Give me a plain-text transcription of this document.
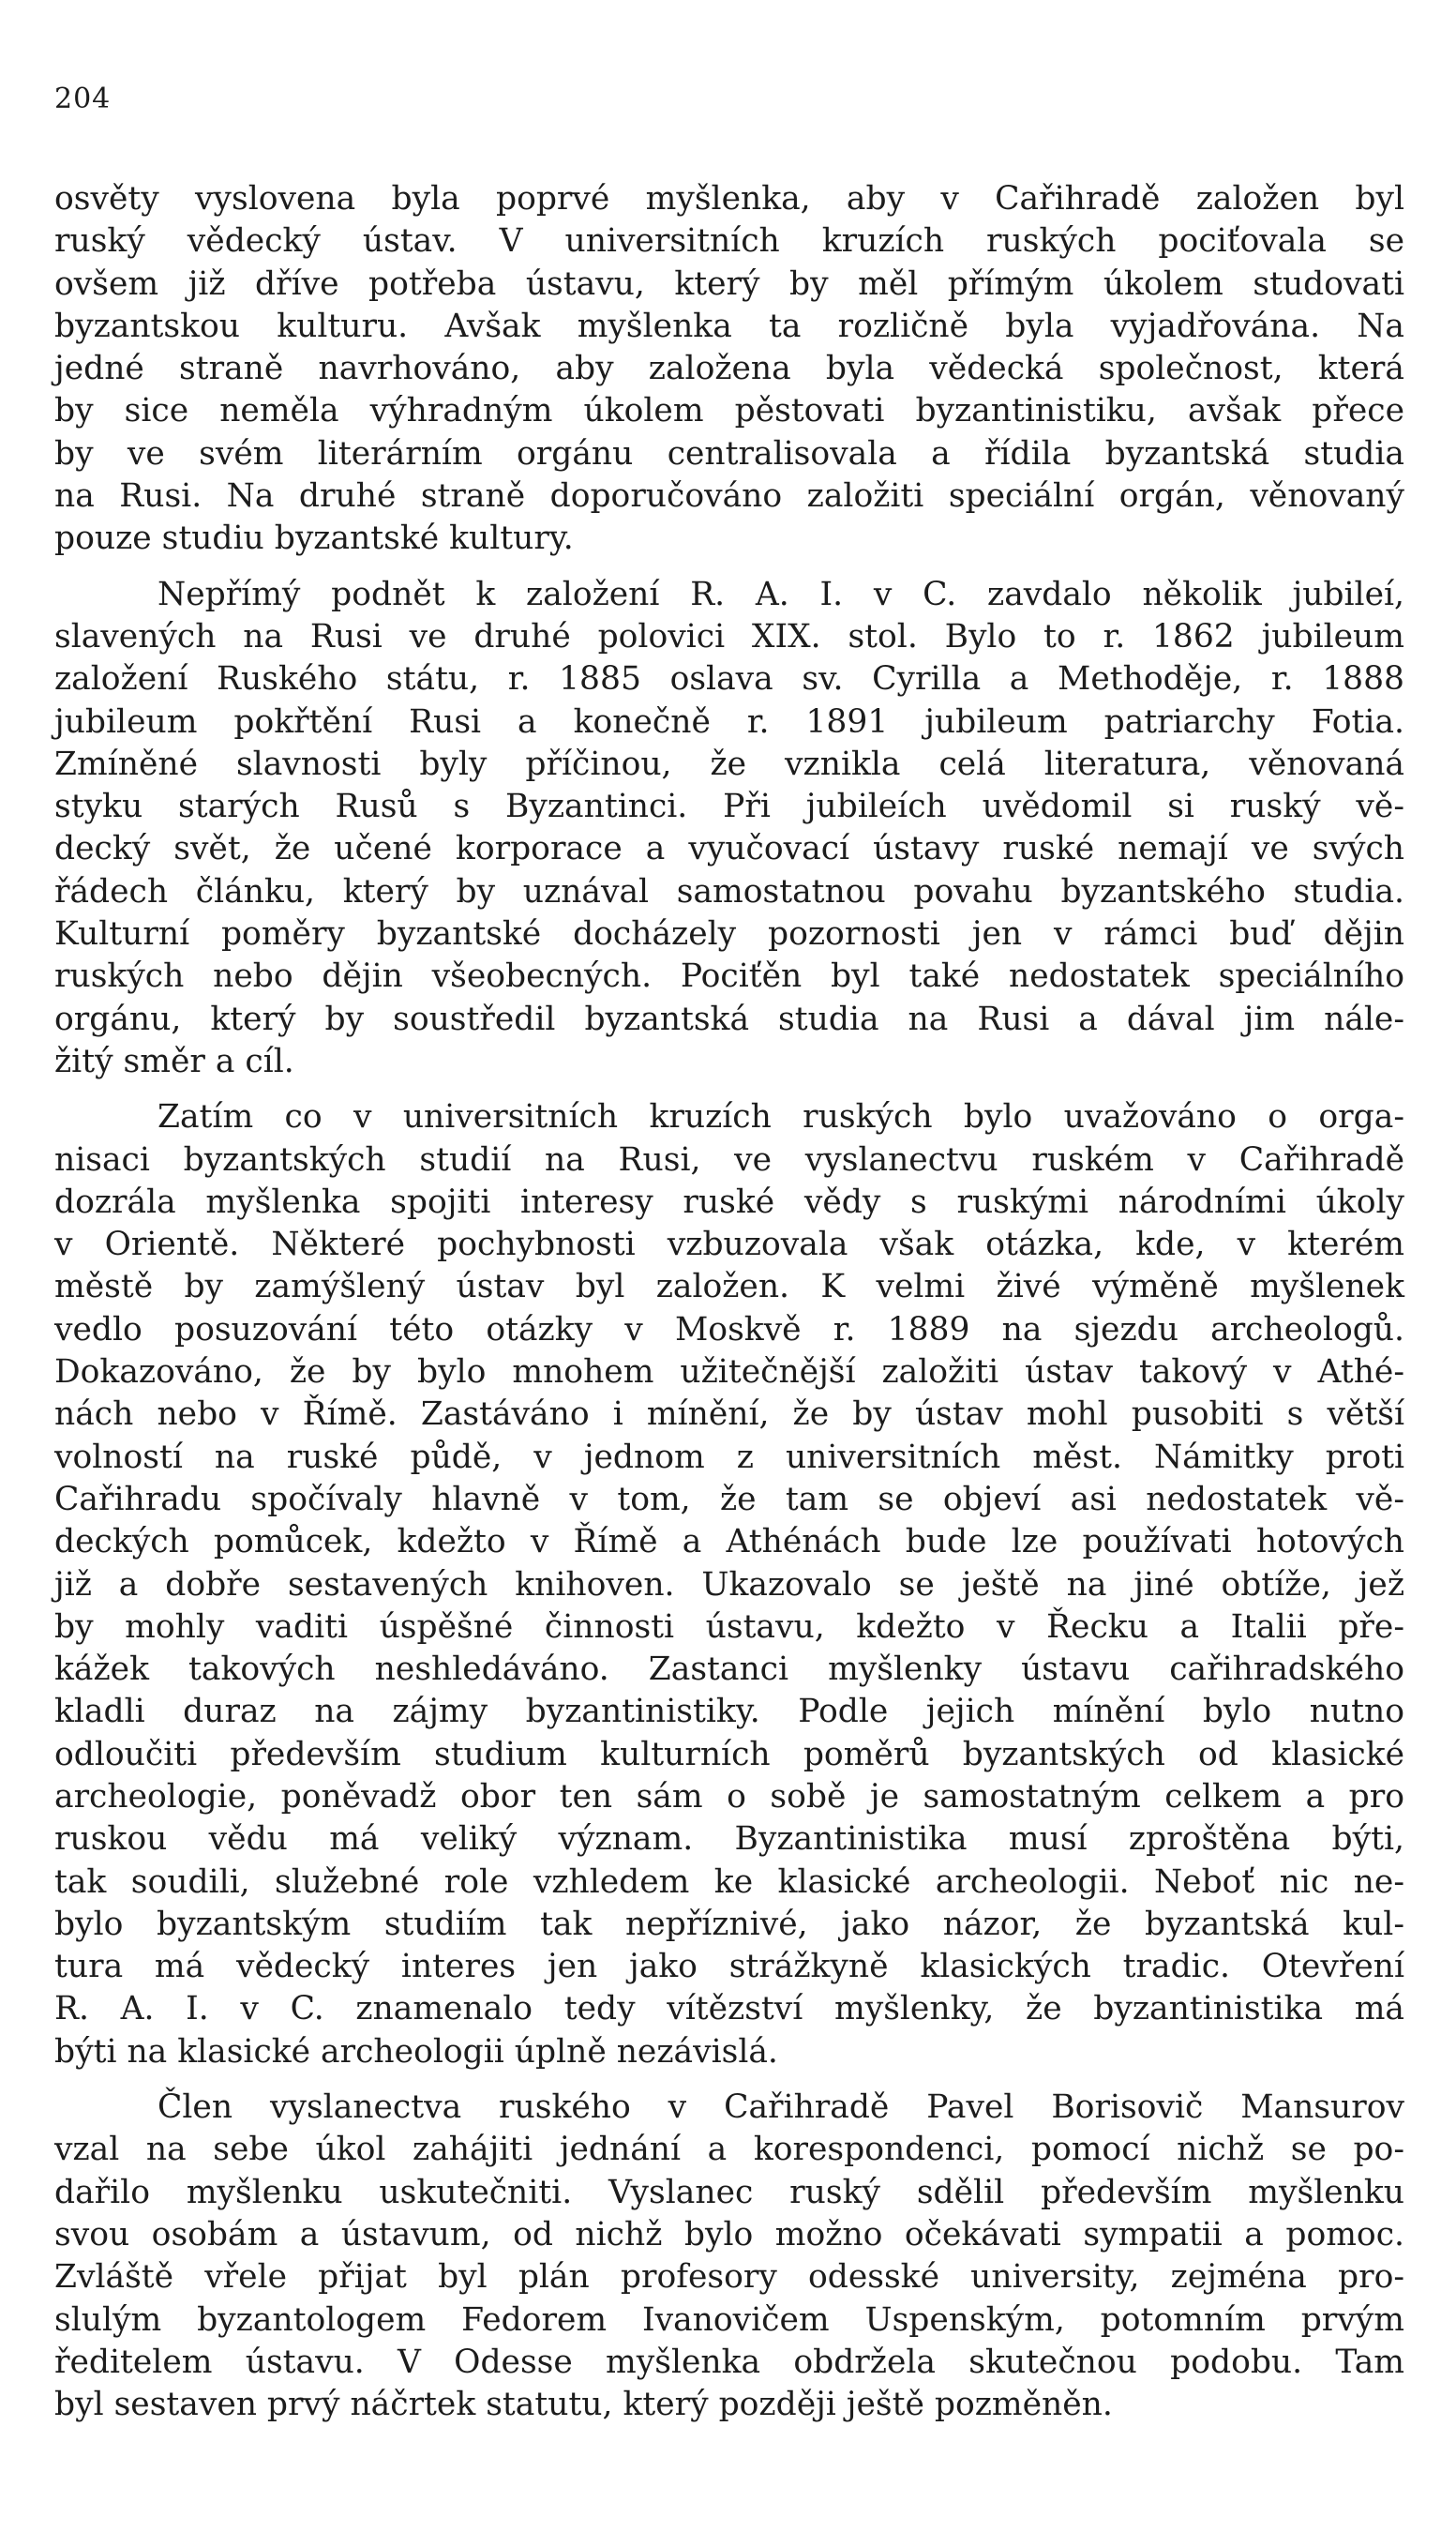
204
osvěty vyslovena byla poprvé myšlenka, aby v Cařihradě založen byl
ruský vědecký ústav. V universitních kruzích ruských pociťovala se
ovšem již dříve potřeba ústavu, který by měl přímým úkolem studovati
byzantskou kulturu. Avšak myšlenka ta rozličně byla vyjadřována. Na
jedné straně navrhováno, aby založena byla vědecká společnost, která
by sice neměla výhradným úkolem pěstovati byzantinistiku, avšak přece
by ve svém literárním orgánu centralisovala a řídila byzantská studia
na Rusi. Na druhé straně doporučováno založiti speciální orgán, věnovaný
pouze studiu byzantské kultury.
Nepřímý podnět k založení R. A. I. v C. zavdalo několik jubileí,
slavených na Rusi ve druhé polovici XIX. stol. Bylo to r. 1862 jubileum
založení Ruského státu, r. 1885 oslava sv. Cyrilla a Methoděje, r. 1888
jubileum pokřtění Rusi a konečně r. 1891 jubileum patriarchy Fotia.
Zmíněné slavnosti byly příčinou, že vznikla celá literatura, věnovaná
styku starých Rusů s Byzantinci. Při jubileích uvědomil si ruský vě-
decký svět, že učené korporace a vyučovací ústavy ruské nemají ve svých
řádech článku, který by uznával samostatnou povahu byzantského studia.
Kulturní poměry byzantské docházely pozornosti jen v rámci buď dějin
ruských nebo dějin všeobecných. Pociťěn byl také nedostatek speciálního
orgánu, který by soustředil byzantská studia na Rusi a dával jim nále-
žitý směr a cíl.
Zatím co v universitních kruzích ruských bylo uvažováno o orga-
nisaci byzantských studií na Rusi, ve vyslanectvu ruském v Cařihradě
dozrála myšlenka spojiti interesy ruské vědy s ruskými národními úkoly
v Orientě. Některé pochybnosti vzbuzovala však otázka, kde, v kterém
městě by zamýšlený ústav byl založen. K velmi živé výměně myšlenek
vedlo posuzování této otázky v Moskvě r. 1889 na sjezdu archeologů.
Dokazováno, že by bylo mnohem užitečnější založiti ústav takový v Athé-
nách nebo v Římě. Zastáváno i mínění, že by ústav mohl pusobiti s větší
volností na ruské půdě, v jednom z universitních měst. Námitky proti
Cařihradu spočívaly hlavně v tom, že tam se objeví asi nedostatek vě-
deckých pomůcek, kdežto v Římě a Athénách bude lze používati hotových
již a dobře sestavených knihoven. Ukazovalo se ještě na jiné obtíže, jež
by mohly vaditi úspěšné činnosti ústavu, kdežto v Řecku a Italii pře-
kážek takových neshledáváno. Zastanci myšlenky ústavu cařihradského
kladli duraz na zájmy byzantinistiky. Podle jejich mínění bylo nutno
odloučiti především studium kulturních poměrů byzantských od klasické
archeologie, poněvadž obor ten sám o sobě je samostatným celkem a pro
ruskou vědu má veliký význam. Byzantinistika musí zproštěna býti,
tak soudili, služebné role vzhledem ke klasické archeologii. Neboť nic ne-
bylo byzantským studiím tak nepříznivé, jako názor, že byzantská kul-
tura má vědecký interes jen jako strážkyně klasických tradic. Otevření
R. A. I. v C. znamenalo tedy vítězství myšlenky, že byzantinistika má
býti na klasické archeologii úplně nezávislá.
Člen vyslanectva ruského v Cařihradě Pavel Borisovič Mansurov
vzal na sebe úkol zahájiti jednání a korespondenci, pomocí nichž se po-
dařilo myšlenku uskutečniti. Vyslanec ruský sdělil především myšlenku
svou osobám a ústavum, od nichž bylo možno očekávati sympatii a pomoc.
Zvláště vřele přijat byl plán profesory odesské university, zejména pro-
slulým byzantologem Fedorem Ivanovičem Uspenským, potomním prvým
ředitelem ústavu. V Odesse myšlenka obdržela skutečnou podobu. Tam
byl sestaven prvý náčrtek statutu, který později ještě pozměněn.
